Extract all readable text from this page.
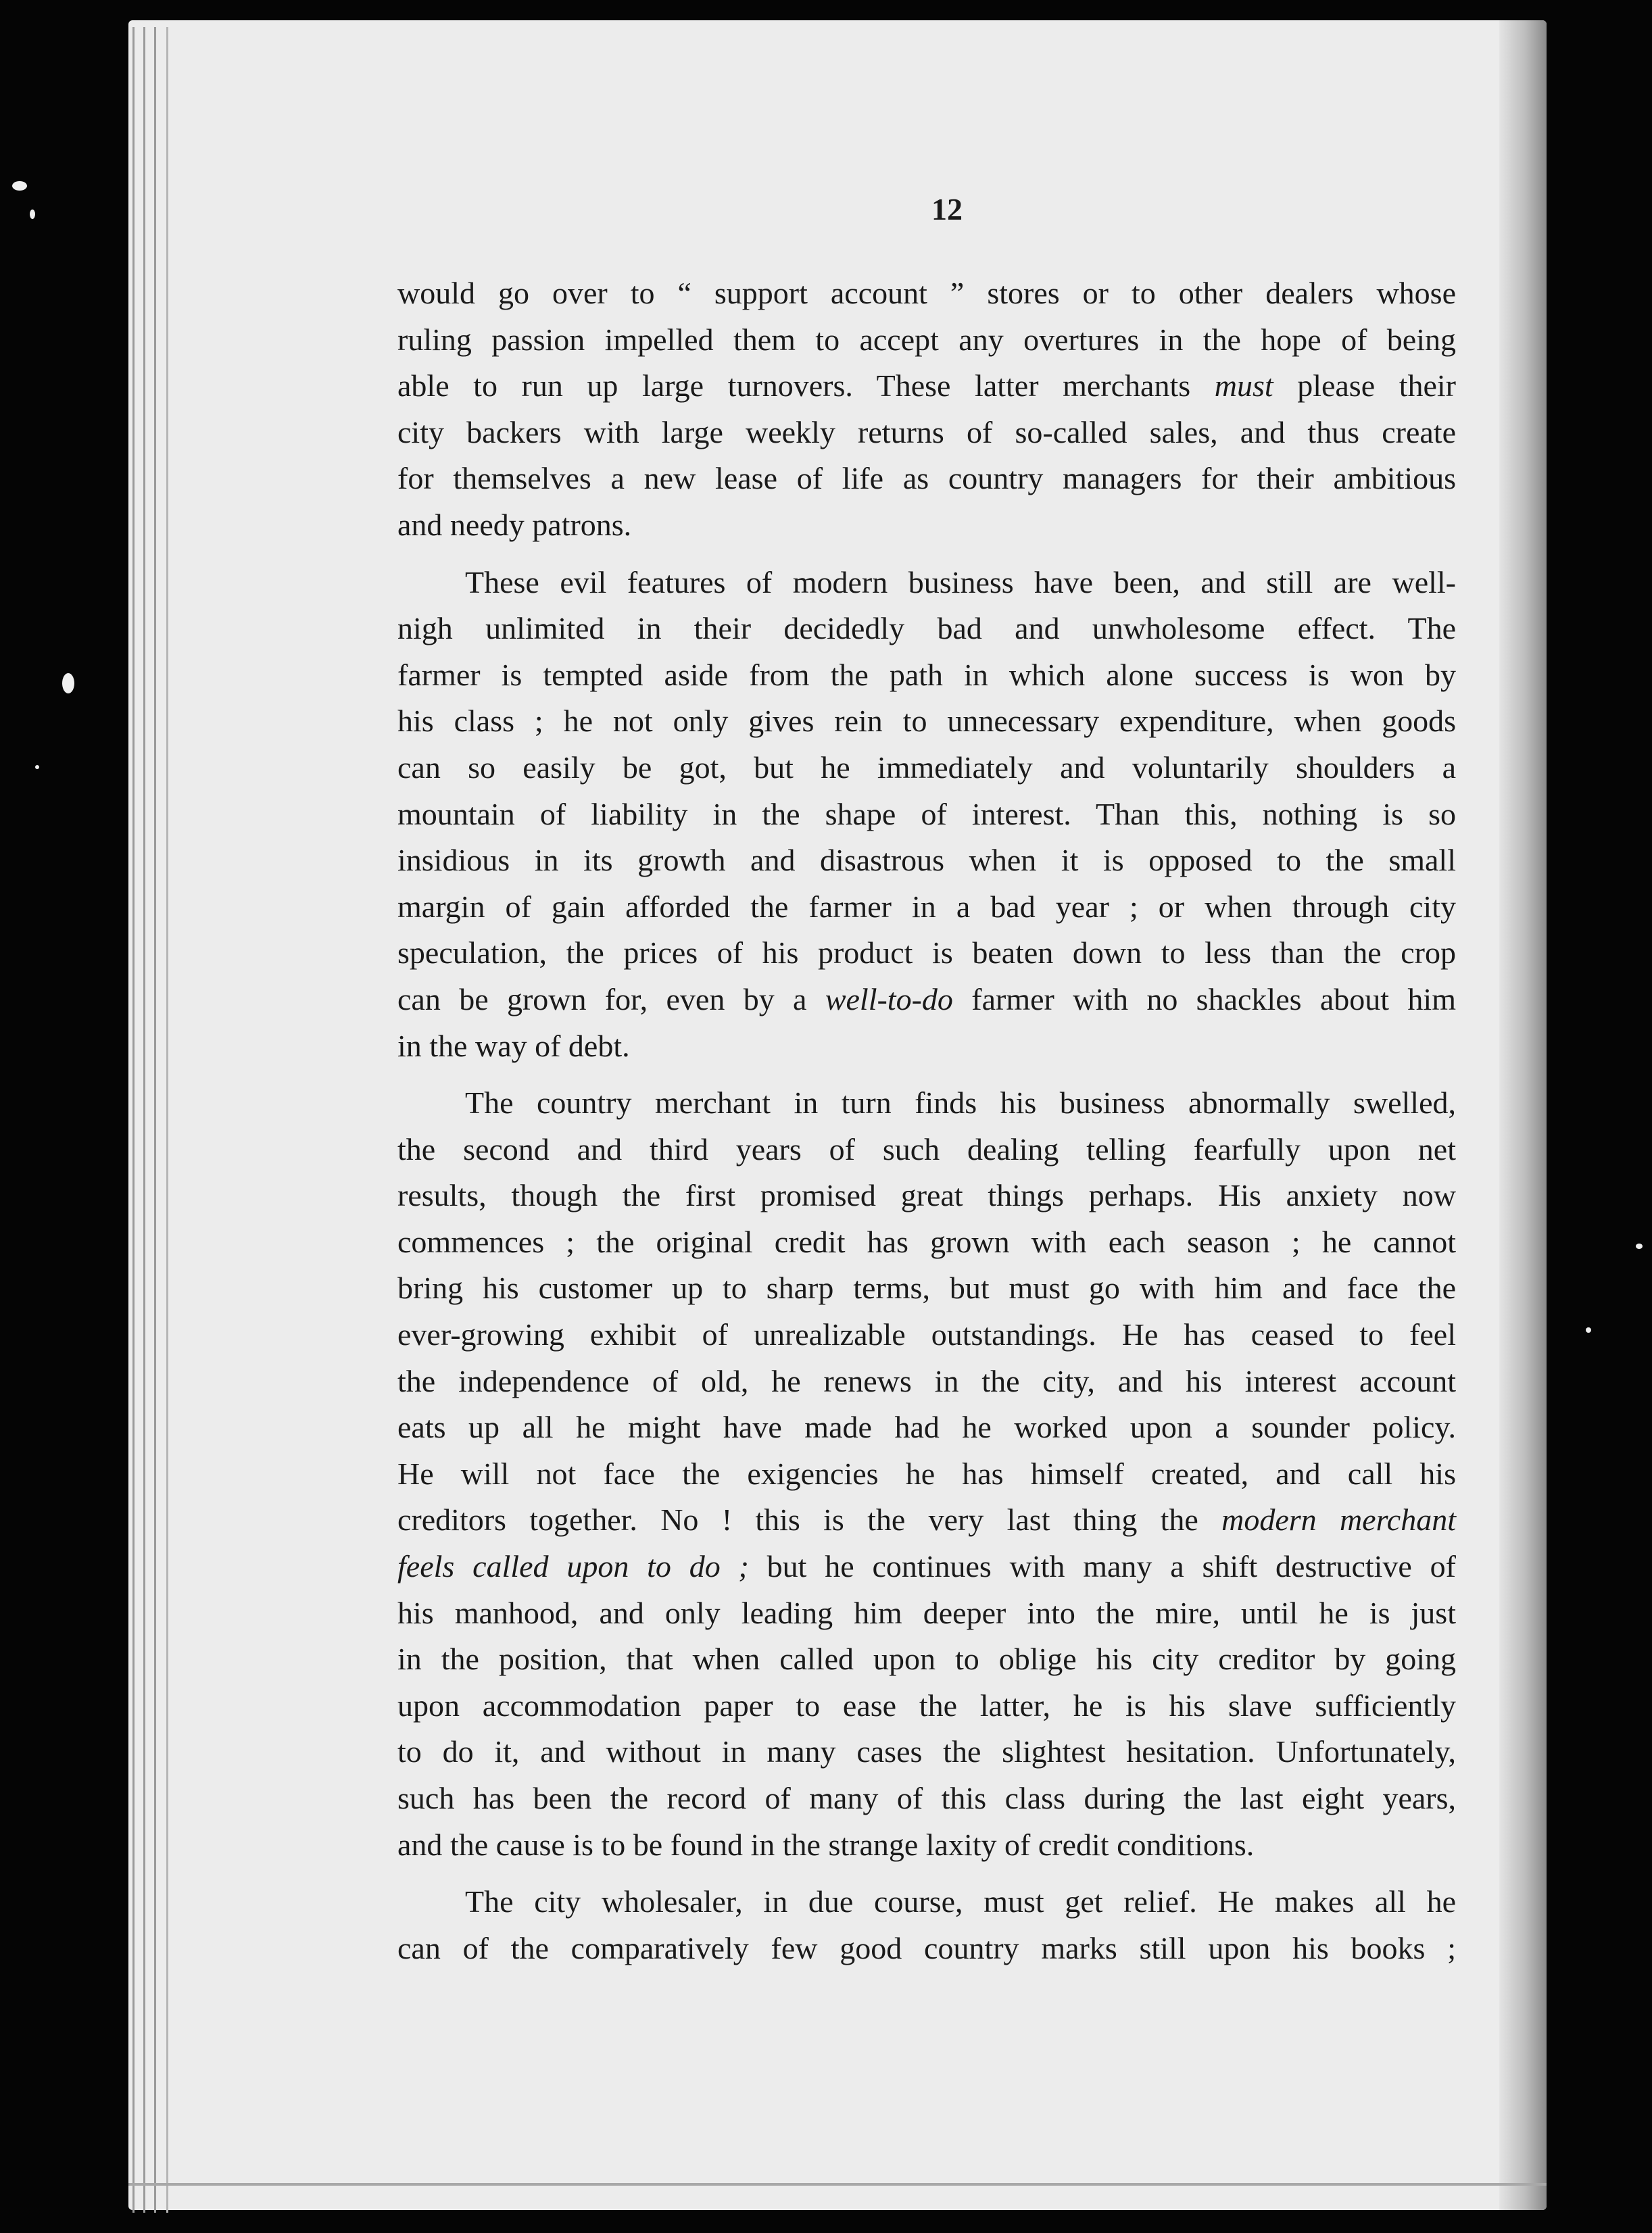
12
would go over to “ support account ” stores or to other dealers whose
ruling passion impelled them to accept any overtures in the hope of being
able to run up large turnovers. These latter merchants must please their
city backers with large weekly returns of so-called sales, and thus create
for themselves a new lease of life as country managers for their ambitious
and needy patrons.
These evil features of modern business have been, and still are well-
nigh unlimited in their decidedly bad and unwholesome effect. The
farmer is tempted aside from the path in which alone success is won by
his class ; he not only gives rein to unnecessary expenditure, when goods
can so easily be got, but he immediately and voluntarily shoulders a
mountain of liability in the shape of interest. Than this, nothing is so
insidious in its growth and disastrous when it is opposed to the small
margin of gain afforded the farmer in a bad year ; or when through city
speculation, the prices of his product is beaten down to less than the crop
can be grown for, even by a well-to-do farmer with no shackles about him
in the way of debt.
The country merchant in turn finds his business abnormally swelled,
the second and third years of such dealing telling fearfully upon net
results, though the first promised great things perhaps. His anxiety now
commences ; the original credit has grown with each season ; he cannot
bring his customer up to sharp terms, but must go with him and face the
ever-growing exhibit of unrealizable outstandings. He has ceased to feel
the independence of old, he renews in the city, and his interest account
eats up all he might have made had he worked upon a sounder policy.
He will not face the exigencies he has himself created, and call his
creditors together. No ! this is the very last thing the modern merchant
feels called upon to do ; but he continues with many a shift destructive of
his manhood, and only leading him deeper into the mire, until he is just
in the position, that when called upon to oblige his city creditor by going
upon accommodation paper to ease the latter, he is his slave sufficiently
to do it, and without in many cases the slightest hesitation. Unfortunately,
such has been the record of many of this class during the last eight years,
and the cause is to be found in the strange laxity of credit conditions.
The city wholesaler, in due course, must get relief. He makes all he
can of the comparatively few good country marks still upon his books ;
